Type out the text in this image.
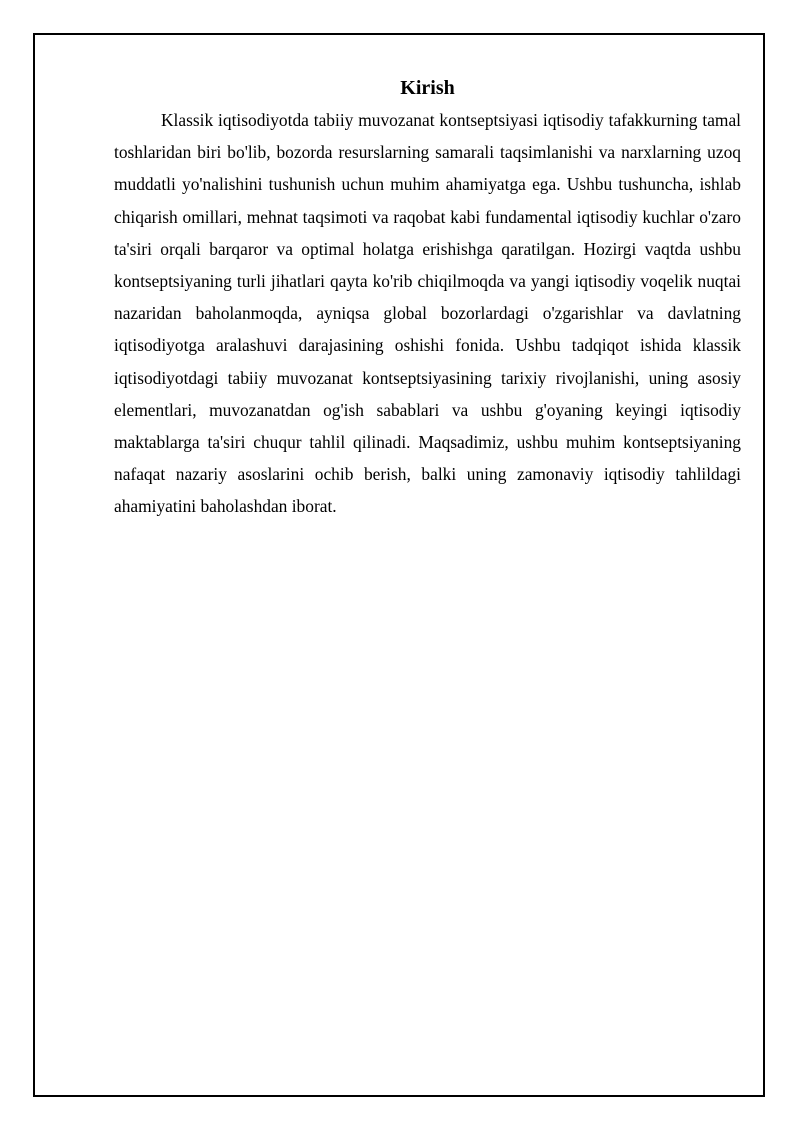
Kirish

Klassik iqtisodiyotda tabiiy muvozanat kontseptsiyasi iqtisodiy tafakkurning tamal toshlaridan biri bo'lib, bozorda resurslarning samarali taqsimlanishi va narxlarning uzoq muddatli yo'nalishini tushunish uchun muhim ahamiyatga ega. Ushbu tushuncha, ishlab chiqarish omillari, mehnat taqsimoti va raqobat kabi fundamental iqtisodiy kuchlar o'zaro ta'siri orqali barqaror va optimal holatga erishishga qaratilgan. Hozirgi vaqtda ushbu kontseptsiyaning turli jihatlari qayta ko'rib chiqilmoqda va yangi iqtisodiy voqelik nuqtai nazaridan baholanmoqda, ayniqsa global bozorlardagi o'zgarishlar va davlatning iqtisodiyotga aralashuvi darajasining oshishi fonida. Ushbu tadqiqot ishida klassik iqtisodiyotdagi tabiiy muvozanat kontseptsiyasining tarixiy rivojlanishi, uning asosiy elementlari, muvozanatdan og'ish sabablari va ushbu g'oyaning keyingi iqtisodiy maktablarga ta'siri chuqur tahlil qilinadi. Maqsadimiz, ushbu muhim kontseptsiyaning nafaqat nazariy asoslarini ochib berish, balki uning zamonaviy iqtisodiy tahlildagi ahamiyatini baholashdan iborat.
